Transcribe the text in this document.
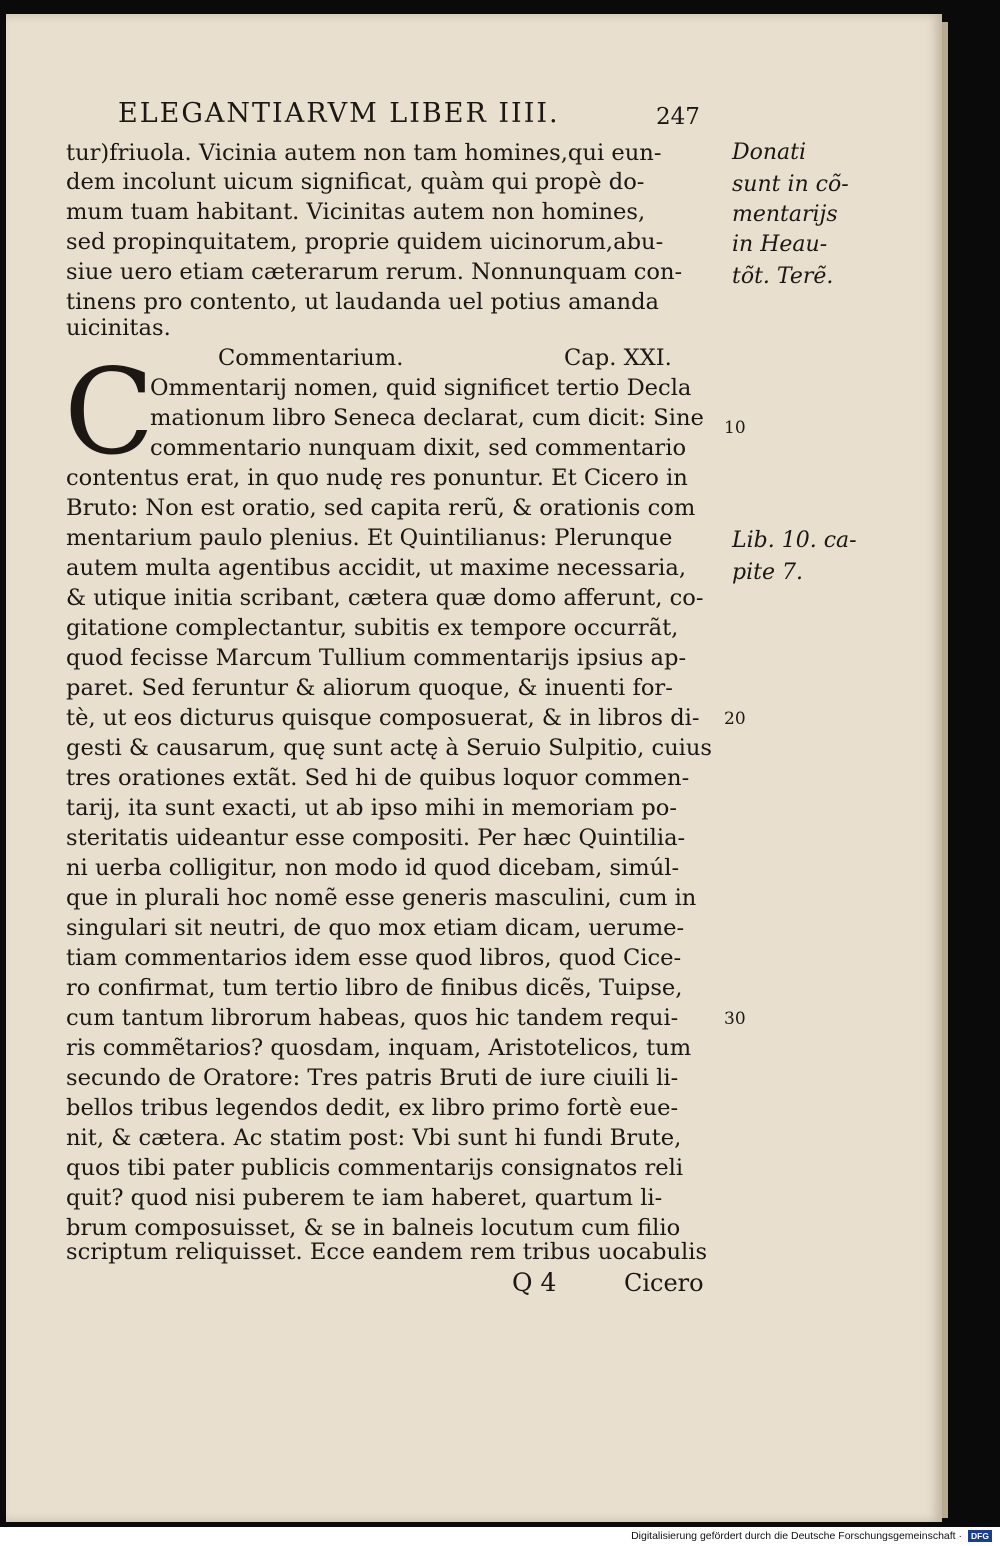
ELEGANTIARVM LIBER IIII.	247
tur)friuola. Vicinia autem non tam homines,qui eun-
dem incolunt uicum significat, quàm qui propè do-
mum tuam habitant. Vicinitas autem non homines,
sed propinquitatem, proprie quidem uicinorum,abu-
siue uero etiam cæterarum rerum. Nonnunquam con-
tinens pro contento, ut laudanda uel potius amanda
uicinitas.
Commentarium.	Cap. XXI.
C
Ommentarij nomen, quid significet tertio Decla
mationum libro Seneca declarat, cum dicit: Sine
commentario nunquam dixit, sed commentario
contentus erat, in quo nudę res ponuntur. Et Cicero in
Bruto: Non est oratio, sed capita rerũ, & orationis com
mentarium paulo plenius. Et Quintilianus: Plerunque
autem multa agentibus accidit, ut maxime necessaria,
& utique initia scribant, cætera quæ domo afferunt, co-
gitatione complectantur, subitis ex tempore occurrãt,
quod fecisse Marcum Tullium commentarijs ipsius ap-
paret. Sed feruntur & aliorum quoque, & inuenti for-
tè, ut eos dicturus quisque composuerat, & in libros di-
gesti & causarum, quę sunt actę à Seruio Sulpitio, cuius
tres orationes extãt. Sed hi de quibus loquor commen-
tarij, ita sunt exacti, ut ab ipso mihi in memoriam po-
steritatis uideantur esse compositi. Per hæc Quintilia-
ni uerba colligitur, non modo id quod dicebam, simúl-
que in plurali hoc nomẽ esse generis masculini, cum in
singulari sit neutri, de quo mox etiam dicam, uerume-
tiam commentarios idem esse quod libros, quod Cice-
ro confirmat, tum tertio libro de finibus dicẽs, Tuipse,
cum tantum librorum habeas, quos hic tandem requi-
ris commẽtarios? quosdam, inquam, Aristotelicos, tum
secundo de Oratore: Tres patris Bruti de iure ciuili li-
bellos tribus legendos dedit, ex libro primo fortè eue-
nit, & cætera. Ac statim post: Vbi sunt hi fundi Brute,
quos tibi pater publicis commentarijs consignatos reli
quit? quod nisi puberem te iam haberet, quartum li-
brum composuisset, & se in balneis locutum cum filio
scriptum reliquisset. Ecce eandem rem tribus uocabulis
Donati
sunt in cõ-
mentarijs
in Heau-
tõt. Terẽ.
Lib. 10. ca-
pite 7.
10
20
30
Q 4	Cicero
Digitalisierung gefördert durch die Deutsche Forschungsgemeinschaft ·	DFG
